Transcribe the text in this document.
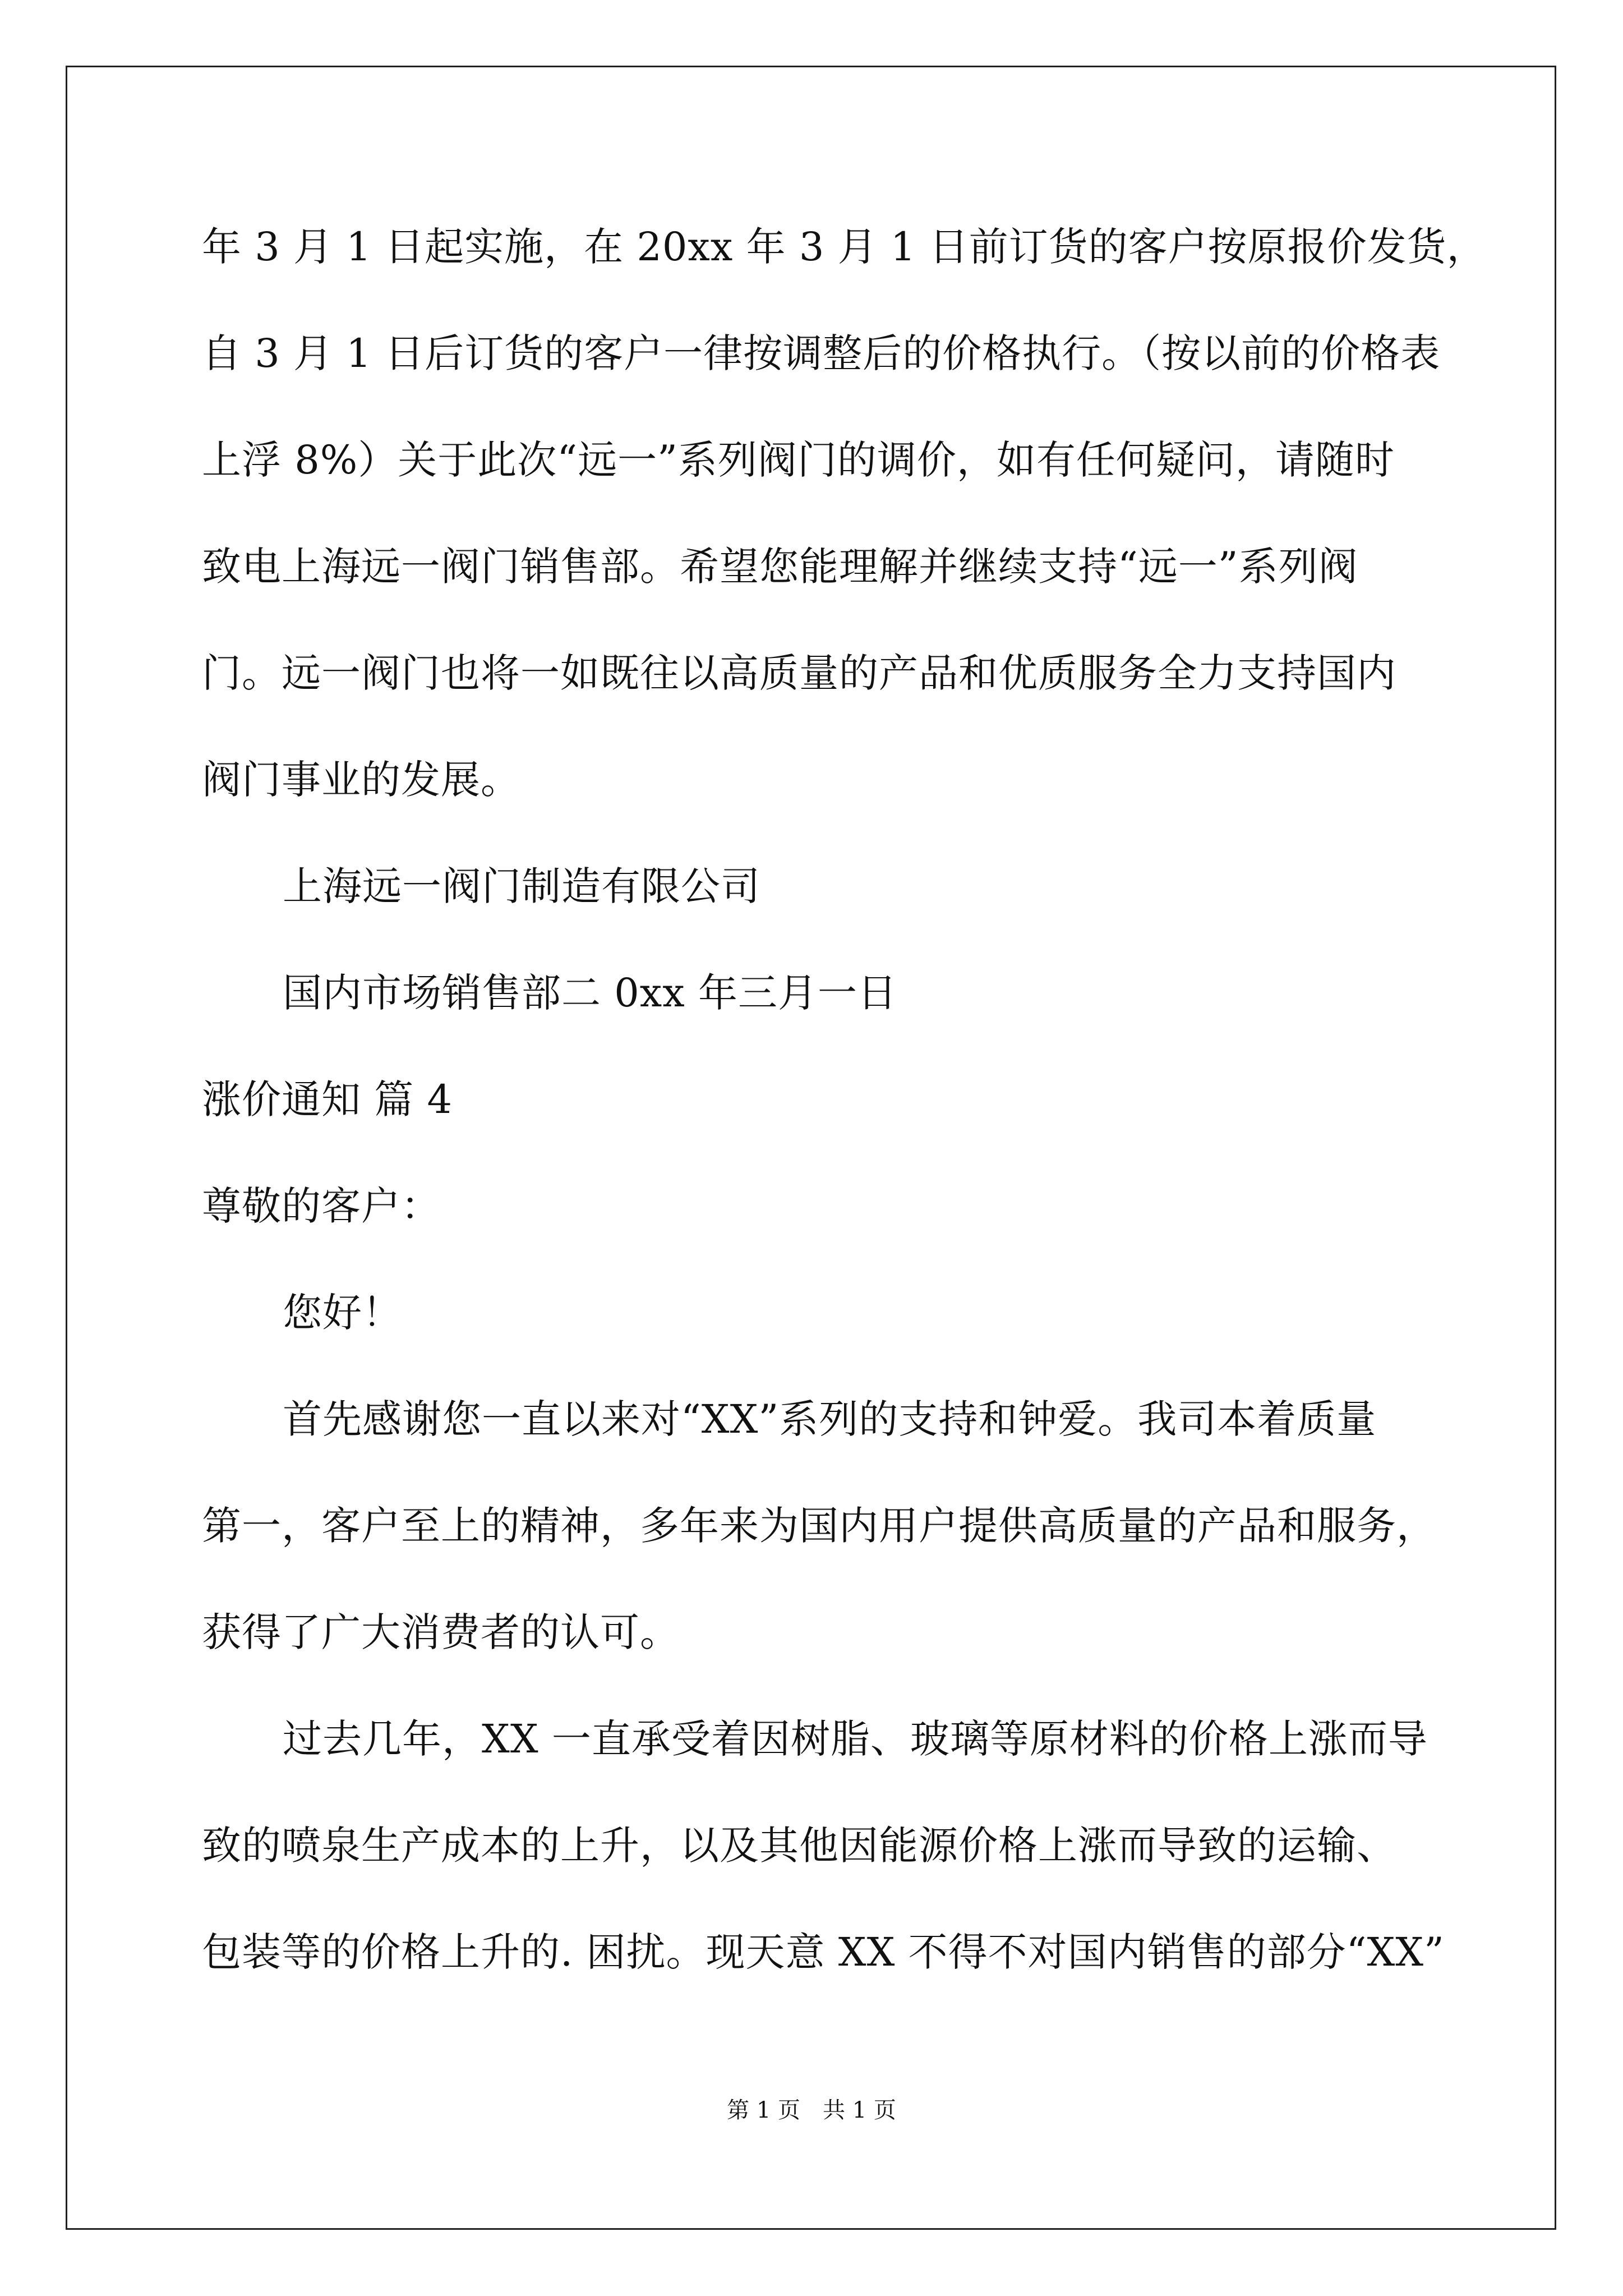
年 3 月 1 日起实施，在 20xx 年 3 月 1 日前订货的客户按原报价发货，
自 3 月 1 日后订货的客户一律按调整后的价格执行。（按以前的价格表
上浮 8%）关于此次“远一”系列阀门的调价，如有任何疑问，请随时
致电上海远一阀门销售部。希望您能理解并继续支持“远一”系列阀
门。远一阀门也将一如既往以高质量的产品和优质服务全力支持国内
阀门事业的发展。
上海远一阀门制造有限公司
国内市场销售部二 0xx 年三月一日
涨价通知 篇 4
尊敬的客户：
您好！
首先感谢您一直以来对“XX”系列的支持和钟爱。我司本着质量
第一，客户至上的精神，多年来为国内用户提供高质量的产品和服务，
获得了广大消费者的认可。
过去几年，XX 一直承受着因树脂、玻璃等原材料的价格上涨而导
致的喷泉生产成本的上升，以及其他因能源价格上涨而导致的运输、
包装等的价格上升的. 困扰。现天意 XX 不得不对国内销售的部分“XX”
第 1 页 共 1 页
